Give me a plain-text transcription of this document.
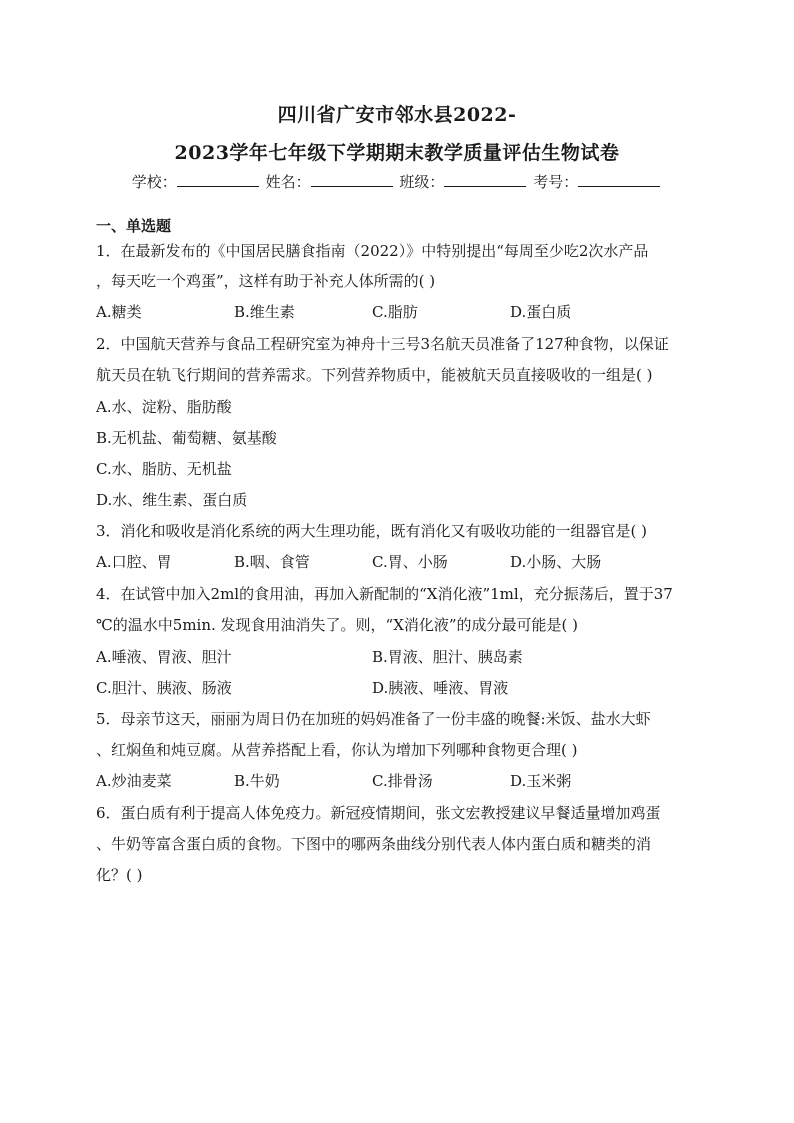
四川省广安市邻水县2022-
2023学年七年级下学期期末教学质量评估生物试卷
学校：	姓名：	班级：	考号：
一、单选题
1．在最新发布的《中国居民膳食指南（2022）》中特别提出“每周至少吃2次水产品
，每天吃一个鸡蛋”，这样有助于补充人体所需的( )
A.糖类	B.维生素	C.脂肪	D.蛋白质
2．中国航天营养与食品工程研究室为神舟十三号3名航天员准备了127种食物，以保证
航天员在轨飞行期间的营养需求。下列营养物质中，能被航天员直接吸收的一组是( )
A.水、淀粉、脂肪酸
B.无机盐、葡萄糖、氨基酸
C.水、脂肪、无机盐
D.水、维生素、蛋白质
3．消化和吸收是消化系统的两大生理功能，既有消化又有吸收功能的一组器官是( )
A.口腔、胃	B.咽、食管	C.胃、小肠	D.小肠、大肠
4．在试管中加入2ml的食用油，再加入新配制的“X消化液”1ml，充分振荡后，置于37
℃的温水中5min. 发现食用油消失了。则，“X消化液”的成分最可能是( )
A.唾液、胃液、胆汁	B.胃液、胆汁、胰岛素
C.胆汁、胰液、肠液	D.胰液、唾液、胃液
5．母亲节这天，丽丽为周日仍在加班的妈妈准备了一份丰盛的晚餐:米饭、盐水大虾
、红焖鱼和炖豆腐。从营养搭配上看，你认为增加下列哪种食物更合理( )
A.炒油麦菜	B.牛奶	C.排骨汤	D.玉米粥
6．蛋白质有利于提高人体免疫力。新冠疫情期间，张文宏教授建议早餐适量增加鸡蛋
、牛奶等富含蛋白质的食物。下图中的哪两条曲线分别代表人体内蛋白质和糖类的消
化？( )
